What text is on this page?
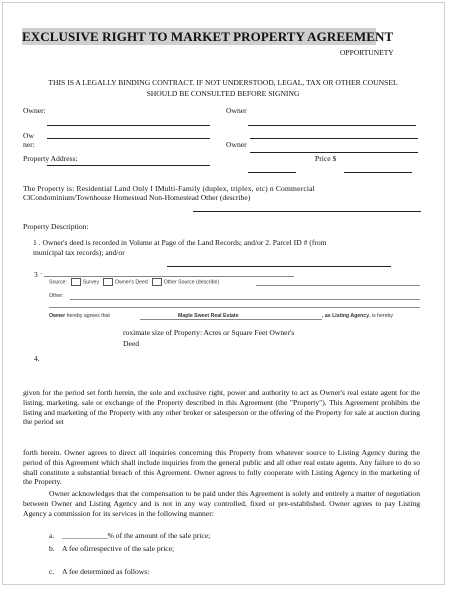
EXCLUSIVE RIGHT TO MARKET PROPERTY AGREEMENT
OPPORTUNETY
THIS IS A LEGALLY BINDING CONTRACT. IF NOT UNDERSTOOD, LEGAL, TAX OR OTHER COUNSEL
SHOULD BE CONSULTED BEFORE SIGNING
Owner:	Owner
Ow
ner:	Owner
Property Address:	Price $
The Property is: Residential Land Only I IMulti-Family (duplex, triplex, etc) n Commercial
ClCondominium/Townhouse Homestead Non-Homestead Other (describe)
Property Description:
1 . Owner's deed is recorded in Volume at Page of the Land Records; and/or 2. Parcel ID # (from
municipal tax records); and/or
3 ·
Source:	Survey	Owner's Deed	Other Source (describe)
Other:
Owner hereby agrees that	Maple Sweet Real Estate	, as Listing Agency, is hereby
roximate size of Property: Acres or Square Feet Owner's
Deed
4.
given for the period set forth herein, the sole and exclusive right, power and authority to act as Owner's real estate agent for the listing, marketing, sale or exchange of the Property described in this Agreement (the "Property"). This Agreement prohibits the listing and marketing of the Property with any other broker or salesperson or the offering of the Property for sale at auction during the period set
forth herein. Owner agrees to direct all inquiries concerning this Property from whatever source to Listing Agency during the period of this Agreement which shall include inquiries from the general public and all other real estate agents. Any failure to do so shall constitute a substantial breach of this Agreement. Owner agrees to fully cooperate with Listing Agency in the marketing of the Property.
Owner acknowledges that the compensation to be paid under this Agreement is solely and entirely a matter of negotiation between Owner and Listing Agency and is not in any way controlled, fixed or pre-established. Owner agrees to pay Listing Agency a commission for its services in the following manner:
a. ____________% of the amount of the sale price;
b. A fee ofirrespective of the sale price;
c. A fee determined as follows:
